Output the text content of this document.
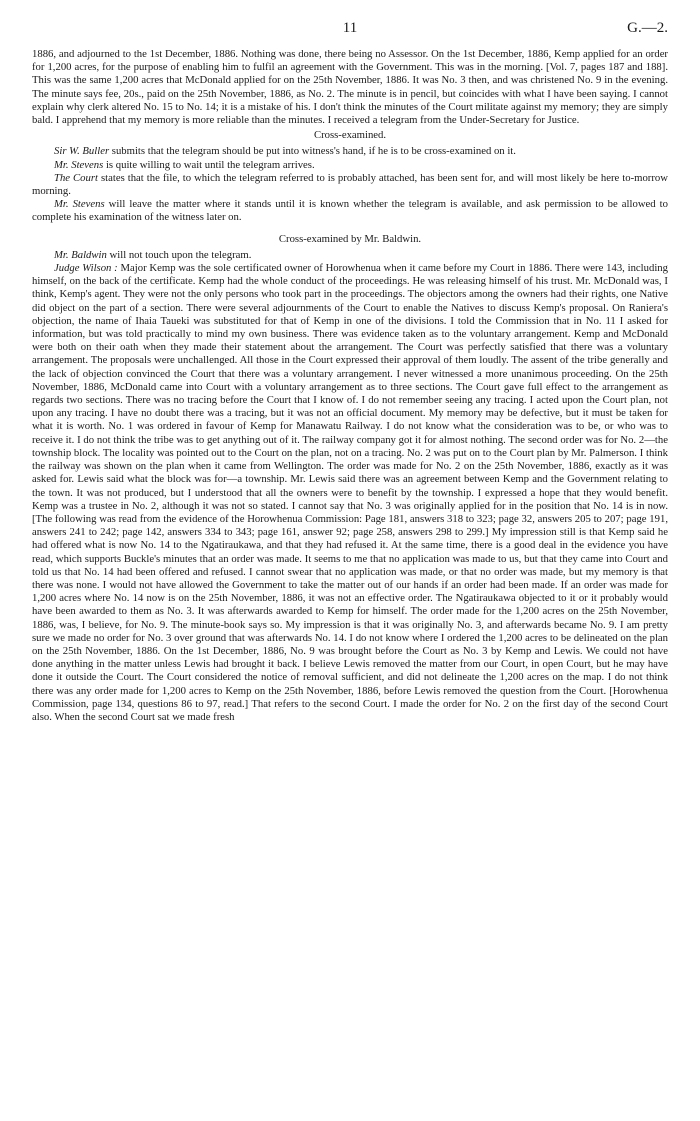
11	G.—2.

1886, and adjourned to the 1st December, 1886. Nothing was done, there being no Assessor. On the 1st December, 1886, Kemp applied for an order for 1,200 acres, for the purpose of enabling him to fulfil an agreement with the Government. This was in the morning. [Vol. 7, pages 187 and 188]. This was the same 1,200 acres that McDonald applied for on the 25th November, 1886. It was No. 3 then, and was christened No. 9 in the evening. The minute says fee, 20s., paid on the 25th November, 1886, as No. 2. The minute is in pencil, but coincides with what I have been saying. I cannot explain why clerk altered No. 15 to No. 14; it is a mistake of his. I don't think the minutes of the Court militate against my memory; they are simply bald. I apprehend that my memory is more reliable than the minutes. I received a telegram from the Under-Secretary for Justice.

Cross-examined.

Sir W. Buller submits that the telegram should be put into witness's hand, if he is to be cross-examined on it.

Mr. Stevens is quite willing to wait until the telegram arrives.

The Court states that the file, to which the telegram referred to is probably attached, has been sent for, and will most likely be here to-morrow morning.

Mr. Stevens will leave the matter where it stands until it is known whether the telegram is available, and ask permission to be allowed to complete his examination of the witness later on.

Cross-examined by Mr. Baldwin.

Mr. Baldwin will not touch upon the telegram.

Judge Wilson : Major Kemp was the sole certificated owner of Horowhenua when it came before my Court in 1886. There were 143, including himself, on the back of the certificate. Kemp had the whole conduct of the proceedings. He was releasing himself of his trust. Mr. McDonald was, I think, Kemp's agent. They were not the only persons who took part in the proceedings. The objectors among the owners had their rights, one Native did object on the part of a section. There were several adjournments of the Court to enable the Natives to discuss Kemp's proposal. On Raniera's objection, the name of Ihaia Taueki was substituted for that of Kemp in one of the divisions. I told the Commission that in No. 11 I asked for information, but was told practically to mind my own business. There was evidence taken as to the voluntary arrangement. Kemp and McDonald were both on their oath when they made their statement about the arrangement. The Court was perfectly satisfied that there was a voluntary arrangement. The proposals were unchallenged. All those in the Court expressed their approval of them loudly. The assent of the tribe generally and the lack of objection convinced the Court that there was a voluntary arrangement. I never witnessed a more unanimous proceeding. On the 25th November, 1886, McDonald came into Court with a voluntary arrangement as to three sections. The Court gave full effect to the arrangement as regards two sections. There was no tracing before the Court that I know of. I do not remember seeing any tracing. I acted upon the Court plan, not upon any tracing. I have no doubt there was a tracing, but it was not an official document. My memory may be defective, but it must be taken for what it is worth. No. 1 was ordered in favour of Kemp for Manawatu Railway. I do not know what the consideration was to be, or who was to receive it. I do not think the tribe was to get anything out of it. The railway company got it for almost nothing. The second order was for No. 2—the township block. The locality was pointed out to the Court on the plan, not on a tracing. No. 2 was put on to the Court plan by Mr. Palmerson. I think the railway was shown on the plan when it came from Wellington. The order was made for No. 2 on the 25th November, 1886, exactly as it was asked for. Lewis said what the block was for—a township. Mr. Lewis said there was an agreement between Kemp and the Government relating to the town. It was not produced, but I understood that all the owners were to benefit by the township. I expressed a hope that they would benefit. Kemp was a trustee in No. 2, although it was not so stated. I cannot say that No. 3 was originally applied for in the position that No. 14 is in now. [The following was read from the evidence of the Horowhenua Commission: Page 181, answers 318 to 323; page 32, answers 205 to 207; page 191, answers 241 to 242; page 142, answers 334 to 343; page 161, answer 92; page 258, answers 298 to 299.] My impression still is that Kemp said he had offered what is now No. 14 to the Ngatiraukawa, and that they had refused it. At the same time, there is a good deal in the evidence you have read, which supports Buckle's minutes that an order was made. It seems to me that no application was made to us, but that they came into Court and told us that No. 14 had been offered and refused. I cannot swear that no application was made, or that no order was made, but my memory is that there was none. I would not have allowed the Government to take the matter out of our hands if an order had been made. If an order was made for 1,200 acres where No. 14 now is on the 25th November, 1886, it was not an effective order. The Ngatiraukawa objected to it or it probably would have been awarded to them as No. 3. It was afterwards awarded to Kemp for himself. The order made for the 1,200 acres on the 25th November, 1886, was, I believe, for No. 9. The minute-book says so. My impression is that it was originally No. 3, and afterwards became No. 9. I am pretty sure we made no order for No. 3 over ground that was afterwards No. 14. I do not know where I ordered the 1,200 acres to be delineated on the plan on the 25th November, 1886. On the 1st December, 1886, No. 9 was brought before the Court as No. 3 by Kemp and Lewis. We could not have done anything in the matter unless Lewis had brought it back. I believe Lewis removed the matter from our Court, in open Court, but he may have done it outside the Court. The Court considered the notice of removal sufficient, and did not delineate the 1,200 acres on the map. I do not think there was any order made for 1,200 acres to Kemp on the 25th November, 1886, before Lewis removed the question from the Court. [Horowhenua Commission, page 134, questions 86 to 97, read.] That refers to the second Court. I made the order for No. 2 on the first day of the second Court also. When the second Court sat we made fresh
